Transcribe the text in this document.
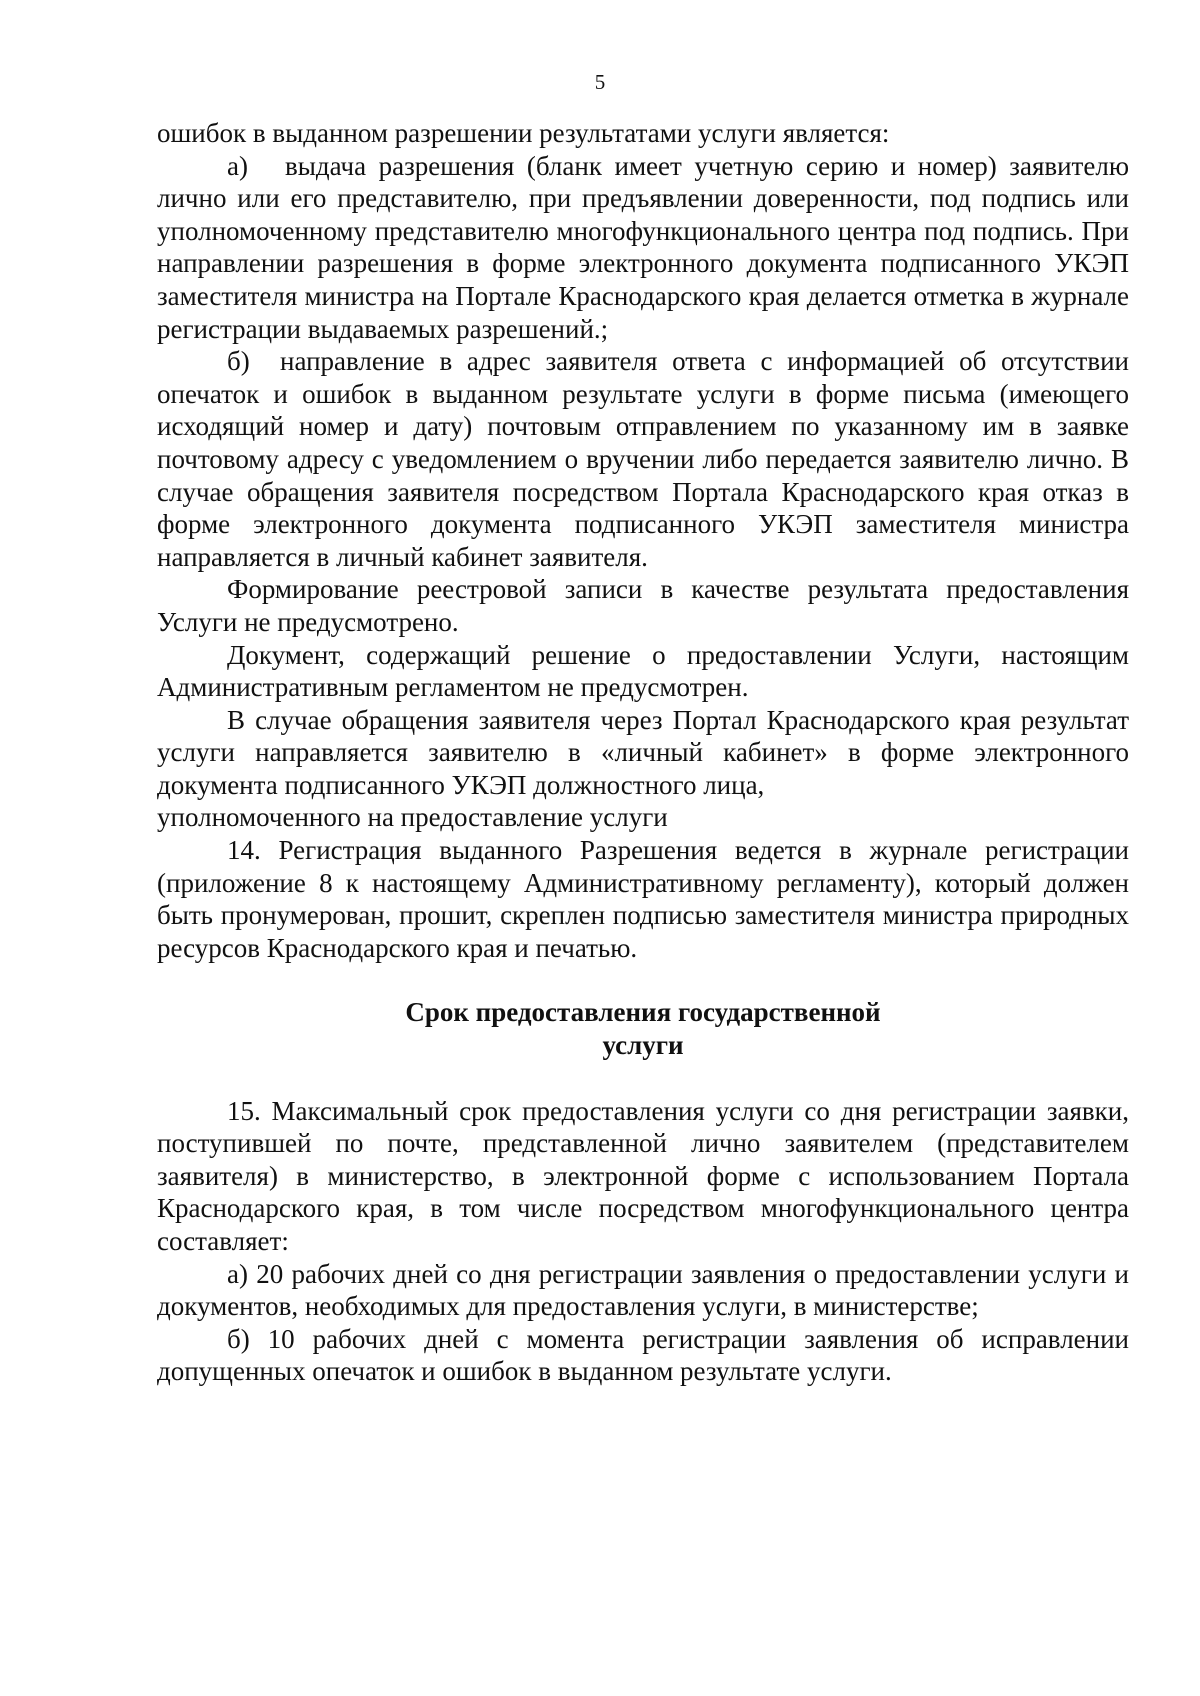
5

ошибок в выданном разрешении результатами услуги является:

а) выдача разрешения (бланк имеет учетную серию и номер) заявителю лично или его представителю, при предъявлении доверенности, под подпись или уполномоченному представителю многофункционального центра под подпись. При направлении разрешения в форме электронного документа подписанного УКЭП заместителя министра на Портале Краснодарского края делается отметка в журнале регистрации выдаваемых разрешений.;

б) направление в адрес заявителя ответа с информацией об отсутствии опечаток и ошибок в выданном результате услуги в форме письма (имеющего исходящий номер и дату) почтовым отправлением по указанному им в заявке почтовому адресу с уведомлением о вручении либо передается заявителю лично. В случае обращения заявителя посредством Портала Краснодарского края отказ в форме электронного документа подписанного УКЭП заместителя министра направляется в личный кабинет заявителя.

Формирование реестровой записи в качестве результата предоставления Услуги не предусмотрено.

Документ, содержащий решение о предоставлении Услуги, настоящим Административным регламентом не предусмотрен.

В случае обращения заявителя через Портал Краснодарского края результат услуги направляется заявителю в «личный кабинет» в форме электронного документа подписанного УКЭП должностного лица,

уполномоченного на предоставление услуги

14. Регистрация выданного Разрешения ведется в журнале регистрации (приложение 8 к настоящему Административному регламенту), который должен быть пронумерован, прошит, скреплен подписью заместителя министра природных ресурсов Краснодарского края и печатью.

Срок предоставления государственной

услуги

15. Максимальный срок предоставления услуги со дня регистрации заявки, поступившей по почте, представленной лично заявителем (представителем заявителя) в министерство, в электронной форме с использованием Портала Краснодарского края, в том числе посредством многофункционального центра составляет:

а) 20 рабочих дней со дня регистрации заявления о предоставлении услуги и документов, необходимых для предоставления услуги, в министерстве;

б) 10 рабочих дней с момента регистрации заявления об исправлении допущенных опечаток и ошибок в выданном результате услуги.
